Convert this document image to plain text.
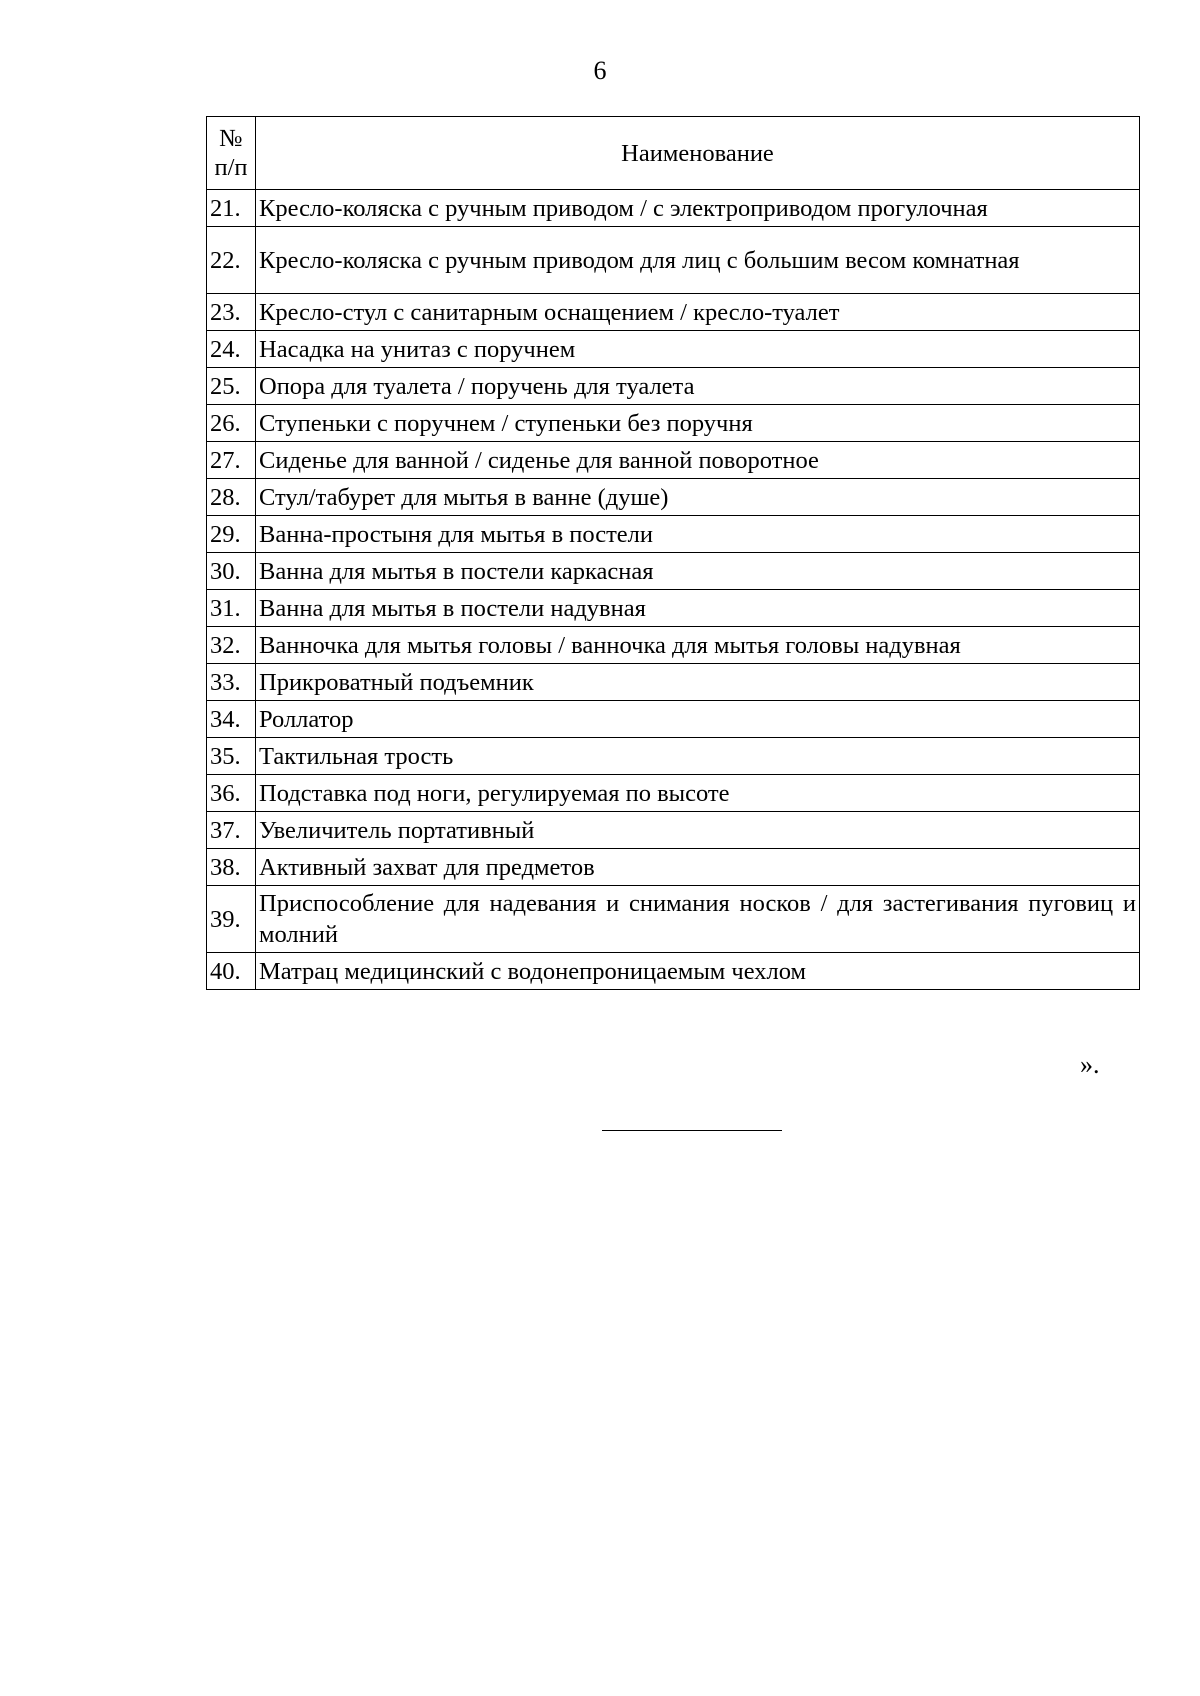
6
№
п/п	Наименование
21.	Кресло-коляска с ручным приводом / с электроприводом прогулочная
22.	Кресло-коляска с ручным приводом для лиц с большим весом комнатная
23.	Кресло-стул с санитарным оснащением / кресло-туалет
24.	Насадка на унитаз с поручнем
25.	Опора для туалета / поручень для туалета
26.	Ступеньки с поручнем / ступеньки без поручня
27.	Сиденье для ванной / сиденье для ванной поворотное
28.	Стул/табурет для мытья в ванне (душе)
29.	Ванна-простыня для мытья в постели
30.	Ванна для мытья в постели каркасная
31.	Ванна для мытья в постели надувная
32.	Ванночка для мытья головы / ванночка для мытья головы надувная
33.	Прикроватный подъемник
34.	Роллатор
35.	Тактильная трость
36.	Подставка под ноги, регулируемая по высоте
37.	Увеличитель портативный
38.	Активный захват для предметов
39.	Приспособление для надевания и снимания носков / для застегивания пуговиц и молний
40.	Матрац медицинский с водонепроницаемым чехлом
».
